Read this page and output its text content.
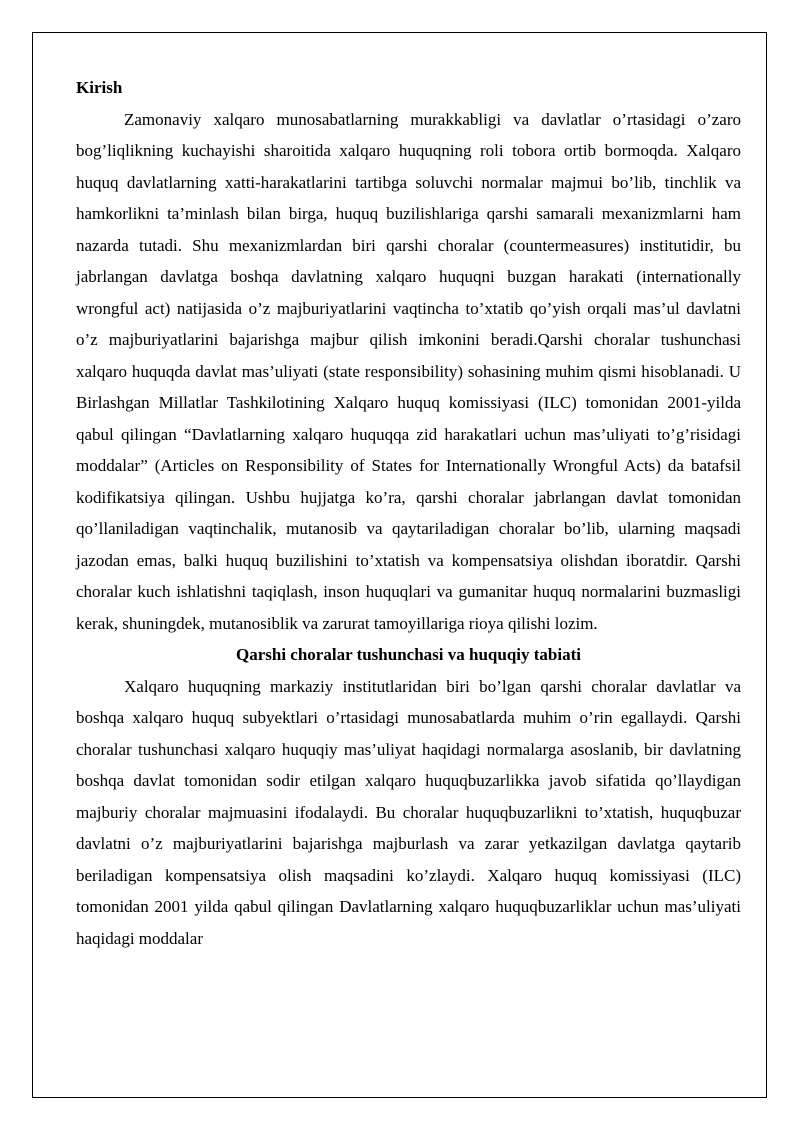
Kirish

Zamonaviy xalqaro munosabatlarning murakkabligi va davlatlar o’rtasidagi o’zaro bog’liqlikning kuchayishi sharoitida xalqaro huquqning roli tobora ortib bormoqda. Xalqaro huquq davlatlarning xatti-harakatlarini tartibga soluvchi normalar majmui bo’lib, tinchlik va hamkorlikni ta’minlash bilan birga, huquq buzilishlariga qarshi samarali mexanizmlarni ham nazarda tutadi. Shu mexanizmlardan biri qarshi choralar (countermeasures) institutidir, bu jabrlangan davlatga boshqa davlatning xalqaro huquqni buzgan harakati (internationally wrongful act) natijasida o’z majburiyatlarini vaqtincha to’xtatib qo’yish orqali mas’ul davlatni o’z majburiyatlarini bajarishga majbur qilish imkonini beradi.Qarshi choralar tushunchasi xalqaro huquqda davlat mas’uliyati (state responsibility) sohasining muhim qismi hisoblanadi. U Birlashgan Millatlar Tashkilotining Xalqaro huquq komissiyasi (ILC) tomonidan 2001-yilda qabul qilingan “Davlatlarning xalqaro huquqqa zid harakatlari uchun mas’uliyati to’g’risidagi moddalar” (Articles on Responsibility of States for Internationally Wrongful Acts) da batafsil kodifikatsiya qilingan. Ushbu hujjatga ko’ra, qarshi choralar jabrlangan davlat tomonidan qo’llaniladigan vaqtinchalik, mutanosib va qaytariladigan choralar bo’lib, ularning maqsadi jazodan emas, balki huquq buzilishini to’xtatish va kompensatsiya olishdan iboratdir. Qarshi choralar kuch ishlatishni taqiqlash, inson huquqlari va gumanitar huquq normalarini buzmasligi kerak, shuningdek, mutanosiblik va zarurat tamoyillariga rioya qilishi lozim.

Qarshi choralar tushunchasi va huquqiy tabiati

Xalqaro huquqning markaziy institutlaridan biri bo’lgan qarshi choralar davlatlar va boshqa xalqaro huquq subyektlari o’rtasidagi munosabatlarda muhim o’rin egallaydi. Qarshi choralar tushunchasi xalqaro huquqiy mas’uliyat haqidagi normalarga asoslanib, bir davlatning boshqa davlat tomonidan sodir etilgan xalqaro huquqbuzarlikka javob sifatida qo’llaydigan majburiy choralar majmuasini ifodalaydi. Bu choralar huquqbuzarlikni to’xtatish, huquqbuzar davlatni o’z majburiyatlarini bajarishga majburlash va zarar yetkazilgan davlatga qaytarib beriladigan kompensatsiya olish maqsadini ko’zlaydi. Xalqaro huquq komissiyasi (ILC) tomonidan 2001 yilda qabul qilingan Davlatlarning xalqaro huquqbuzarliklar uchun mas’uliyati haqidagi moddalar
